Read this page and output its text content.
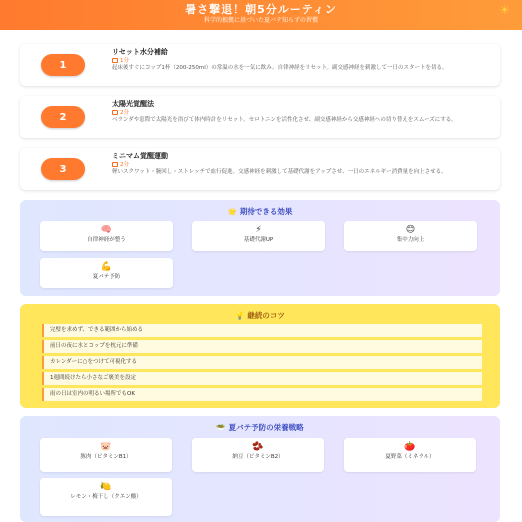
暑さ撃退！朝5分ルーティン
科学的根拠に基づいた夏バテ知らずの習慣
☀
1
リセット水分補給
1分
起床後すぐにコップ1杯（200-250ml）の常温の水を一気に飲み、自律神経をリセット。副交感神経を刺激して一日のスタートを切る。
2
太陽光覚醒法
2分
ベランダや窓際で太陽光を浴びて体内時計をリセット。セロトニンを活性化させ、副交感神経から交感神経への切り替えをスムーズにする。
3
ミニマム覚醒運動
2分
軽いスクワット・腕回し・ストレッチで血行促進。交感神経を刺激して基礎代謝をアップさせ、一日のエネルギー消費量を向上させる。
🌟 期待できる効果
🧠
自律神経が整う
⚡
基礎代謝UP
😊
集中力向上
💪
夏バテ予防
💡 継続のコツ
完璧を求めず、できる範囲から始める
前日の夜に水とコップを枕元に準備
カレンダーに○をつけて可視化する
1週間続けたら小さなご褒美を設定
雨の日は室内の明るい場所でもOK
🥗 夏バテ予防の栄養戦略
🐷
豚肉（ビタミンB1）
🫘
納豆（ビタミンB2）
🍅
夏野菜（ミネラル）
🍋
レモン・梅干し（クエン酸）
